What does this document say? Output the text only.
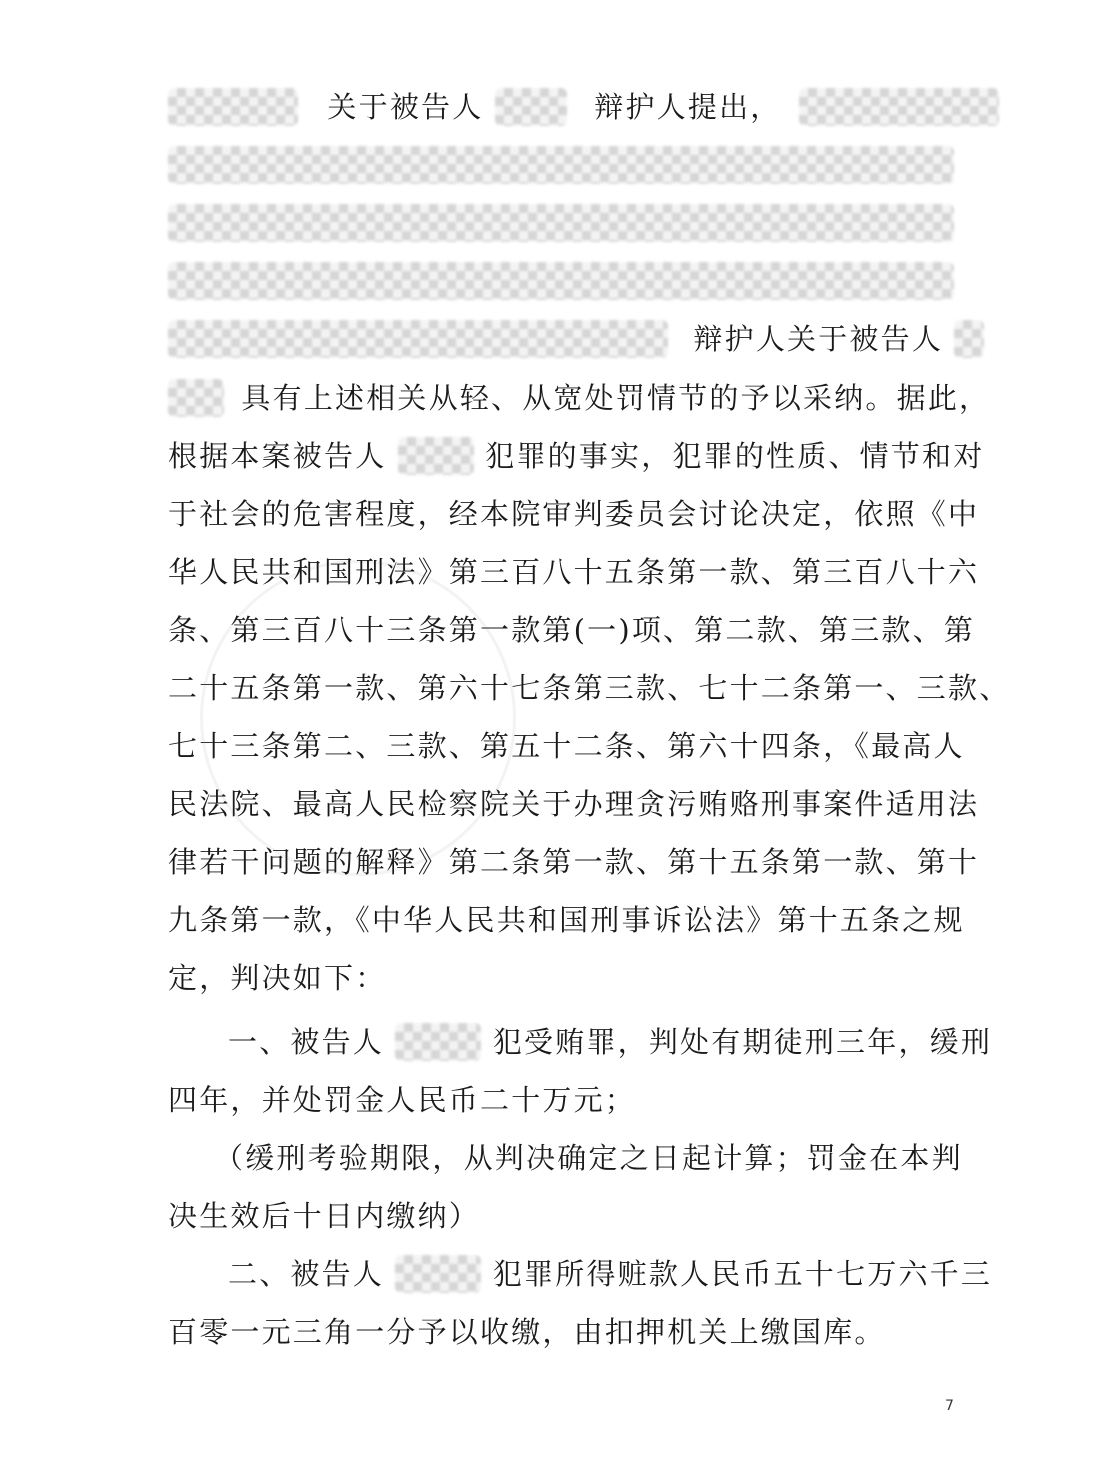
关于被告人	辩护人提出，
辩护人关于被告人
具有上述相关从轻、从宽处罚情节的予以采纳。据此，
根据本案被告人	犯罪的事实，犯罪的性质、情节和对
于社会的危害程度，经本院审判委员会讨论决定，依照《中
华人民共和国刑法》第三百八十五条第一款、第三百八十六
条、第三百八十三条第一款第(一)项、第二款、第三款、第
二十五条第一款、第六十七条第三款、七十二条第一、三款、
七十三条第二、三款、第五十二条、第六十四条，《最高人
民法院、最高人民检察院关于办理贪污贿赂刑事案件适用法
律若干问题的解释》第二条第一款、第十五条第一款、第十
九条第一款，《中华人民共和国刑事诉讼法》第十五条之规
定，判决如下：
一、被告人	犯受贿罪，判处有期徒刑三年，缓刑
四年，并处罚金人民币二十万元；
（缓刑考验期限，从判决确定之日起计算；罚金在本判
决生效后十日内缴纳）
二、被告人	犯罪所得赃款人民币五十七万六千三
百零一元三角一分予以收缴，由扣押机关上缴国库。
7
